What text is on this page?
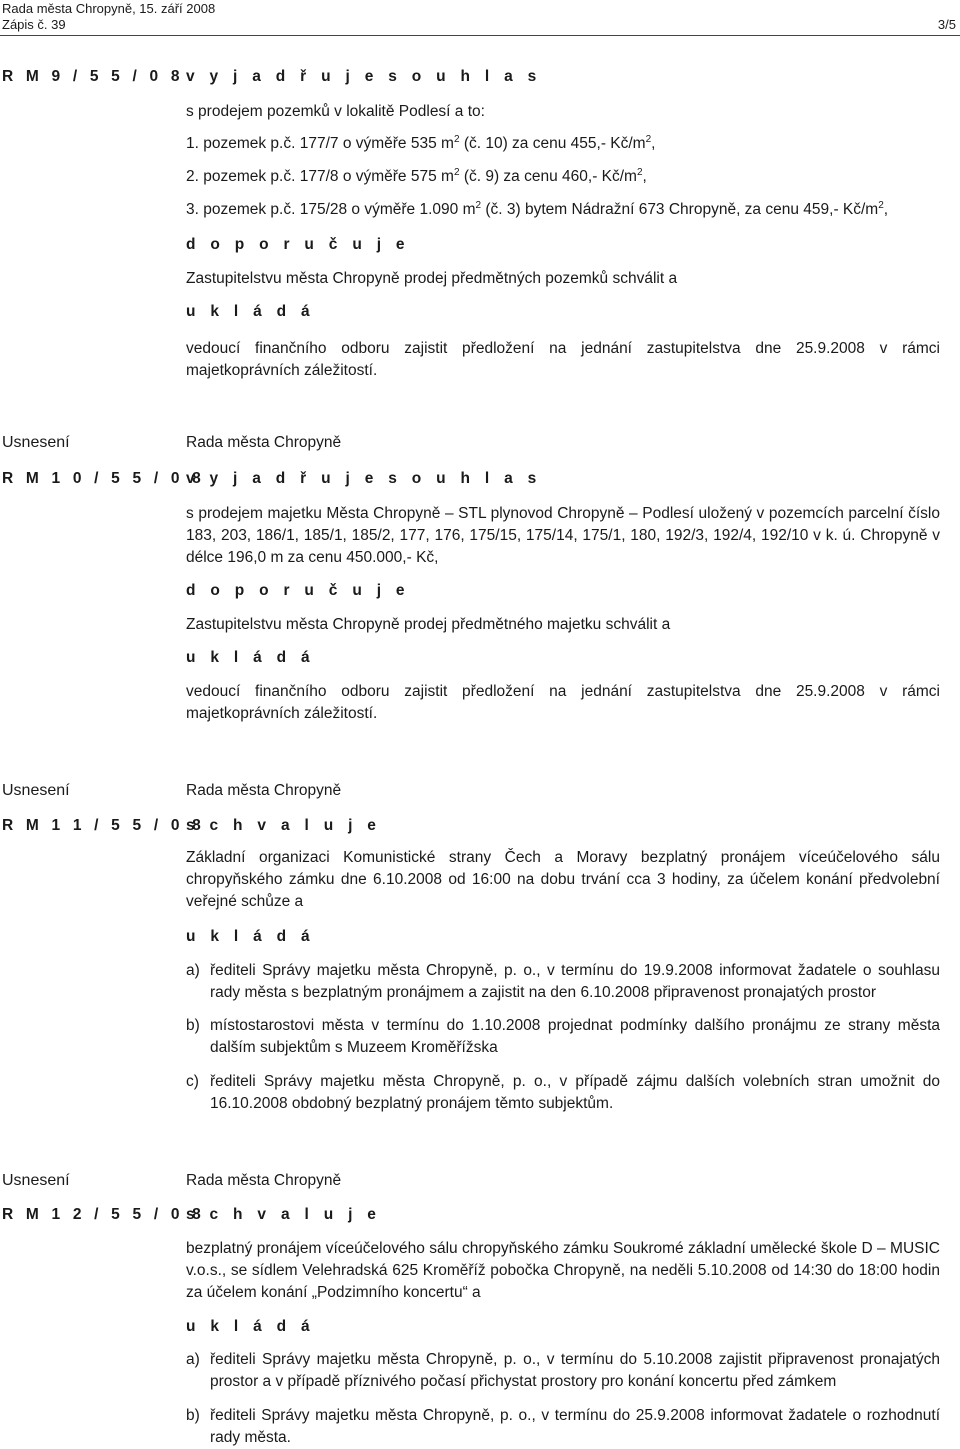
Rada města Chropyně, 15. září 2008
Zápis č. 39	3/5
R M 9 / 5 5 / 0 8 v y j a d ř u j e s o u h l a s
s prodejem pozemků v lokalitě Podlesí a to:
1. pozemek p.č. 177/7 o výměře 535 $m^2$ (č. 10) za cenu 455,- $Kč/m^2$,
2. pozemek p.č. 177/8 o výměře 575 $m^2$ (č. 9) za cenu 460,- $Kč/m^2$,
3. pozemek p.č. 175/28 o výměře 1.090 $m^2$ (č. 3) bytem Nádražní 673 Chropyně, za cenu 459,- $Kč/m^2$,
d o p o r u č u j e
Zastupitelstvu města Chropyně prodej předmětných pozemků schválit a
u k l á d á
vedoucí finančního odboru zajistit předložení na jednání zastupitelstva dne 25.9.2008 v rámci majetkoprávních záležitostí.
Usnesení	Rada města Chropyně
R M 1 0 / 5 5 / 0 8
v y j a d ř u j e s o u h l a s
s prodejem majetku Města Chropyně – STL plynovod Chropyně – Podlesí uložený v pozemcích parcelní číslo 183, 203, 186/1, 185/1, 185/2, 177, 176, 175/15, 175/14, 175/1, 180, 192/3, 192/4, 192/10 v k. ú. Chropyně v délce 196,0 m za cenu 450.000,- Kč,
d o p o r u č u j e
Zastupitelstvu města Chropyně prodej předmětného majetku schválit a
u k l á d á
vedoucí finančního odboru zajistit předložení na jednání zastupitelstva dne 25.9.2008 v rámci majetkoprávních záležitostí.
Usnesení	Rada města Chropyně
R M 1 1 / 5 5 / 0 8
s c h v a l u j e
Základní organizaci Komunistické strany Čech a Moravy bezplatný pronájem víceúčelového sálu chropyňského zámku dne 6.10.2008 od 16:00 na dobu trvání cca 3 hodiny, za účelem konání předvolební veřejné schůze a
u k l á d á
a) řediteli Správy majetku města Chropyně, p. o., v termínu do 19.9.2008 informovat žadatele o souhlasu rady města s bezplatným pronájmem a zajistit na den 6.10.2008 připravenost pronajatých prostor
b) místostarostovi města v termínu do 1.10.2008 projednat podmínky dalšího pronájmu ze strany města dalším subjektům s Muzeem Kroměřížska
c) řediteli Správy majetku města Chropyně, p. o., v případě zájmu dalších volebních stran umožnit do 16.10.2008 obdobný bezplatný pronájem těmto subjektům.
Usnesení	Rada města Chropyně
R M 1 2 / 5 5 / 0 8
s c h v a l u j e
bezplatný pronájem víceúčelového sálu chropyňského zámku Soukromé základní umělecké škole D – MUSIC v.o.s., se sídlem Velehradská 625 Kroměříž pobočka Chropyně, na neděli 5.10.2008 od 14:30 do 18:00 hodin za účelem konání „Podzimního koncertu“ a
u k l á d á
a) řediteli Správy majetku města Chropyně, p. o., v termínu do 5.10.2008 zajistit připravenost pronajatých prostor a v případě příznivého počasí přichystat prostory pro konání koncertu před zámkem
b) řediteli Správy majetku města Chropyně, p. o., v termínu do 25.9.2008 informovat žadatele o rozhodnutí rady města.
